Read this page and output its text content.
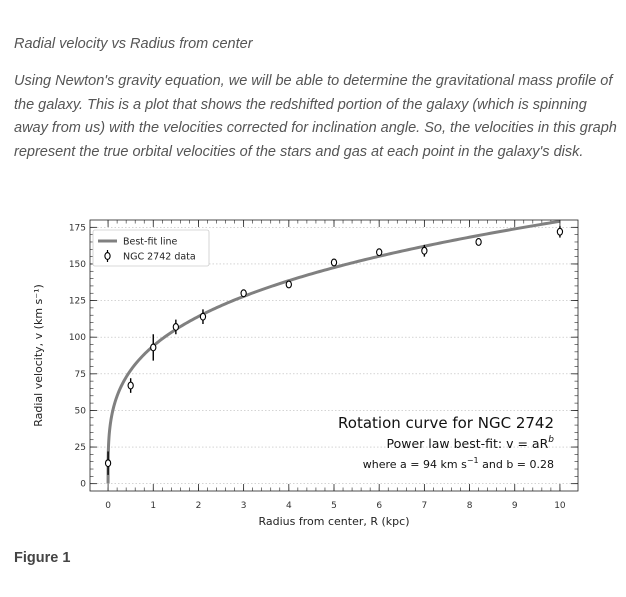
Radial velocity vs Radius from center

Using Newton's gravity equation, we will be able to determine the gravitational mass profile of the galaxy. This is a plot that shows the redshifted portion of the galaxy (which is spinning away from us) with the velocities corrected for inclination angle. So, the velocities in this graph represent the true orbital velocities of the stars and gas at each point in the galaxy's disk.

0	1	2	3	4	5	6	7	8	9	10
0
25
50
75
100
125
150
175
Radius from center, R (kpc)
Radial velocity, v (km s⁻¹)
Best-fit line
NGC 2742 data
Rotation curve for NGC 2742
Power law best-fit: $v = aR^b$
where a = 94 km $s^{-1}$ and b = 0.28
Figure 1
